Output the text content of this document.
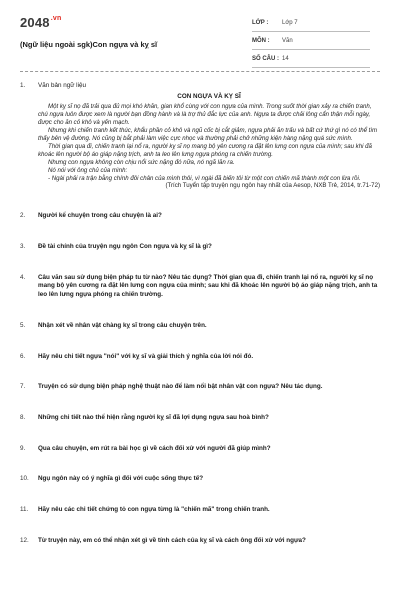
$2048^{.vn}$
(Ngữ liệu ngoài sgk)Con ngựa và kỵ sĩ
LỚP :	Lớp 7
MÔN :	Văn
SỐ CÂU : 14
1.	Văn bản ngữ liệu
CON NGỰA VÀ KỴ SĨ

Một kỵ sĩ nọ đã trải qua đủ mọi khó khăn, gian khổ cùng với con ngựa của mình. Trong suốt thời gian xảy ra chiến tranh, chú ngựa luôn được xem là người bạn đồng hành và là trợ thủ đắc lực của anh. Ngựa ta được chải lông cẩn thận mỗi ngày, được cho ăn cỏ khô và yến mạch.

Nhưng khi chiến tranh kết thúc, khẩu phần cỏ khô và ngũ cốc bị cắt giảm, ngựa phải ăn trấu và bất cứ thứ gì nó có thể tìm thấy bên vệ đường. Nó cũng bị bắt phải làm việc cực nhọc và thường phải chở những kiện hàng nặng quá sức mình.

Thời gian qua đi, chiến tranh lại nổ ra, người kỵ sĩ nọ mang bộ yên cương ra đặt lên lưng con ngựa của mình; sau khi đã khoác lên người bộ áo giáp nặng trịch, anh ta leo lên lưng ngựa phóng ra chiến trường.

Nhưng con ngựa không còn chịu nổi sức nặng đó nữa, nó ngã lăn ra.

Nó nói với ông chủ của mình:

- Ngài phải ra trận bằng chính đôi chân của mình thôi, vì ngài đã biến tôi từ một con chiến mã thành một con lừa rồi.

(Trích Tuyển tập truyện ngụ ngôn hay nhất của Aesop, NXB Trẻ, 2014, tr.71-72)

2.	Người kể chuyện trong câu chuyện là ai?
3.	Đề tài chính của truyện ngụ ngôn Con ngựa và kỵ sĩ là gì?
4.	Câu văn sau sử dụng biện pháp tu từ nào? Nêu tác dụng? Thời gian qua đi, chiến tranh lại nổ ra, người kỵ sĩ nọ mang bộ yên cương ra đặt lên lưng con ngựa của mình; sau khi đã khoác lên người bộ áo giáp nặng trịch, anh ta leo lên lưng ngựa phóng ra chiến trường.
5.	Nhận xét về nhân vật chàng kỵ sĩ trong câu chuyện trên.
6.	Hãy nêu chi tiết ngựa "nói" với kỵ sĩ và giải thích ý nghĩa của lời nói đó.
7.	Truyện có sử dụng biện pháp nghệ thuật nào để làm nổi bật nhân vật con ngựa? Nêu tác dụng.
8.	Những chi tiết nào thể hiện rằng người kỵ sĩ đã lợi dụng ngựa sau hoà bình?
9.	Qua câu chuyện, em rút ra bài học gì về cách đối xử với người đã giúp mình?
10.	Ngụ ngôn này có ý nghĩa gì đối với cuộc sống thực tế?
11.	Hãy nêu các chi tiết chứng tỏ con ngựa từng là "chiến mã" trong chiến tranh.
12.	Từ truyện này, em có thể nhận xét gì về tính cách của kỵ sĩ và cách ông đối xử với ngựa?
